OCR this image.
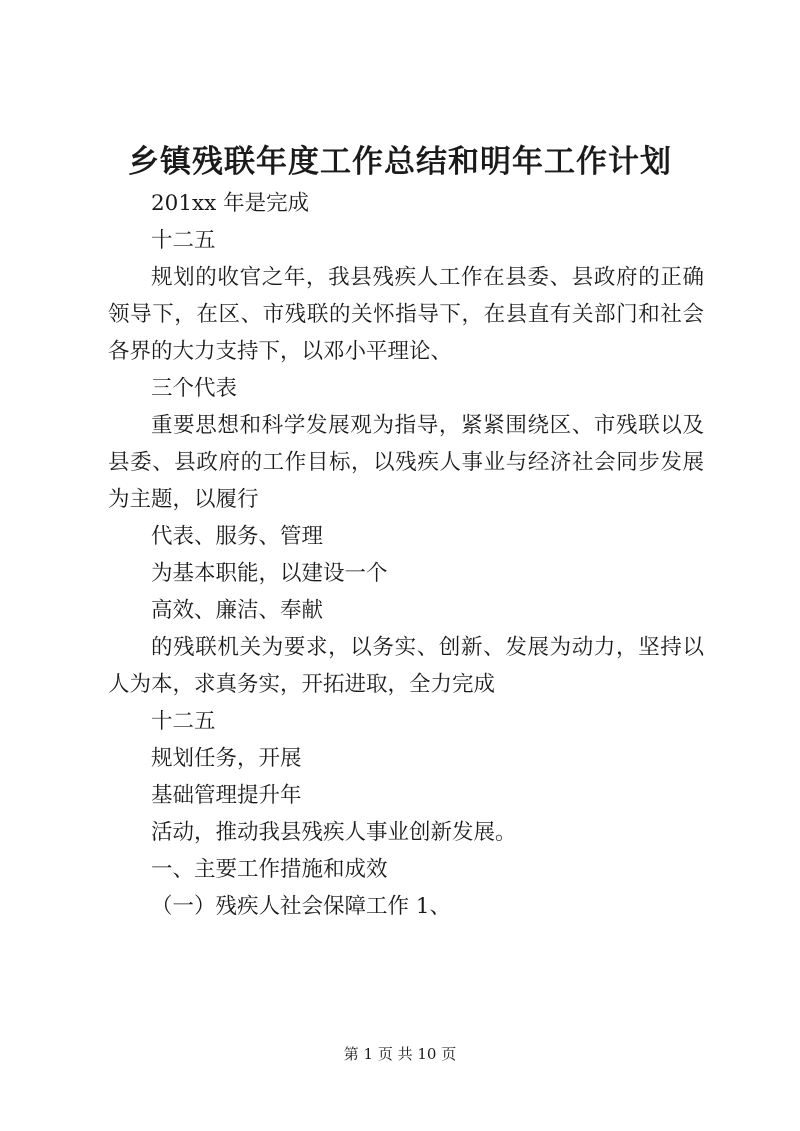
乡镇残联年度工作总结和明年工作计划

201xx 年是完成

十二五

规划的收官之年，我县残疾人工作在县委、县政府的正确领导下，在区、市残联的关怀指导下，在县直有关部门和社会各界的大力支持下，以邓小平理论、

三个代表

重要思想和科学发展观为指导，紧紧围绕区、市残联以及县委、县政府的工作目标，以残疾人事业与经济社会同步发展为主题，以履行

代表、服务、管理

为基本职能，以建设一个

高效、廉洁、奉献

的残联机关为要求，以务实、创新、发展为动力，坚持以人为本，求真务实，开拓进取，全力完成

十二五

规划任务，开展

基础管理提升年

活动，推动我县残疾人事业创新发展。

一、主要工作措施和成效

（一）残疾人社会保障工作 1、

第 1 页 共 10 页
